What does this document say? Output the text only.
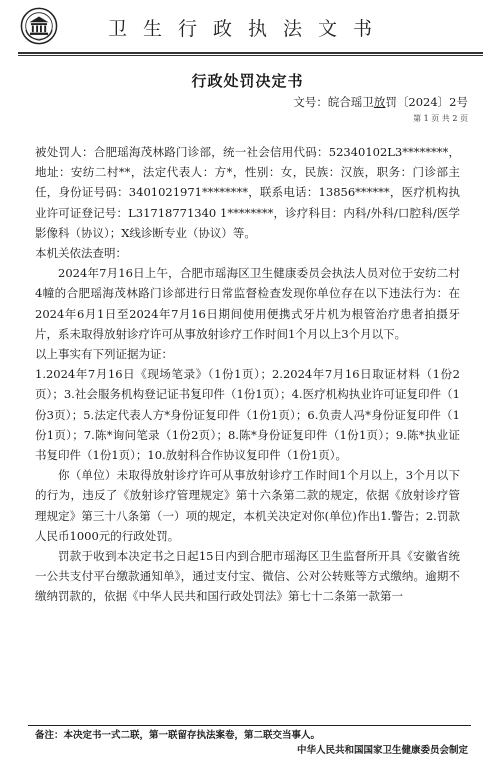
卫生行政执法文书
行政处罚决定书
文号：皖合瑶卫放罚〔2024〕2号
第 1 页 共 2 页

被处罚人：合肥瑶海茂林路门诊部，统一社会信用代码：52340102L3********，地址：安纺二村**，法定代表人：方*，性别：女，民族：汉族，职务：门诊部主任，身份证号码：3401021971********，联系电话：13856******，医疗机构执业许可证登记号：L31718771340 1********，诊疗科目：内科/外科/口腔科/医学影像科（协议）；X线诊断专业（协议）等。

本机关依法查明：

2024年7月16日上午，合肥市瑶海区卫生健康委员会执法人员对位于安纺二村4幢的合肥瑶海茂林路门诊部进行日常监督检查发现你单位存在以下违法行为：在2024年6月1日至2024年7月16日期间使用便携式牙片机为根管治疗患者拍摄牙片，系未取得放射诊疗许可从事放射诊疗工作时间1个月以上3个月以下。

以上事实有下列证据为证：

1.2024年7月16日《现场笔录》（1份1页）；2.2024年7月16日取证材料（1份2页）；3.社会服务机构登记证书复印件（1份1页）；4.医疗机构执业许可证复印件（1份3页）；5.法定代表人方*身份证复印件（1份1页）；6.负责人冯*身份证复印件（1份1页）；7.陈*询问笔录（1份2页）；8.陈*身份证复印件（1份1页）；9.陈*执业证书复印件（1份1页）；10.放射科合作协议复印件（1份1页）。

你（单位）未取得放射诊疗许可从事放射诊疗工作时间1个月以上，3个月以下的行为，违反了《放射诊疗管理规定》第十六条第二款的规定，依据《放射诊疗管理规定》第三十八条第（一）项的规定，本机关决定对你(单位)作出1.警告；2.罚款人民币1000元的行政处罚。

罚款于收到本决定书之日起15日内到合肥市瑶海区卫生监督所开具《安徽省统一公共支付平台缴款通知单》，通过支付宝、微信、公对公转账等方式缴纳。逾期不缴纳罚款的，依据《中华人民共和国行政处罚法》第七十二条第一款第一

备注：本决定书一式二联，第一联留存执法案卷，第二联交当事人。
中华人民共和国国家卫生健康委员会制定
